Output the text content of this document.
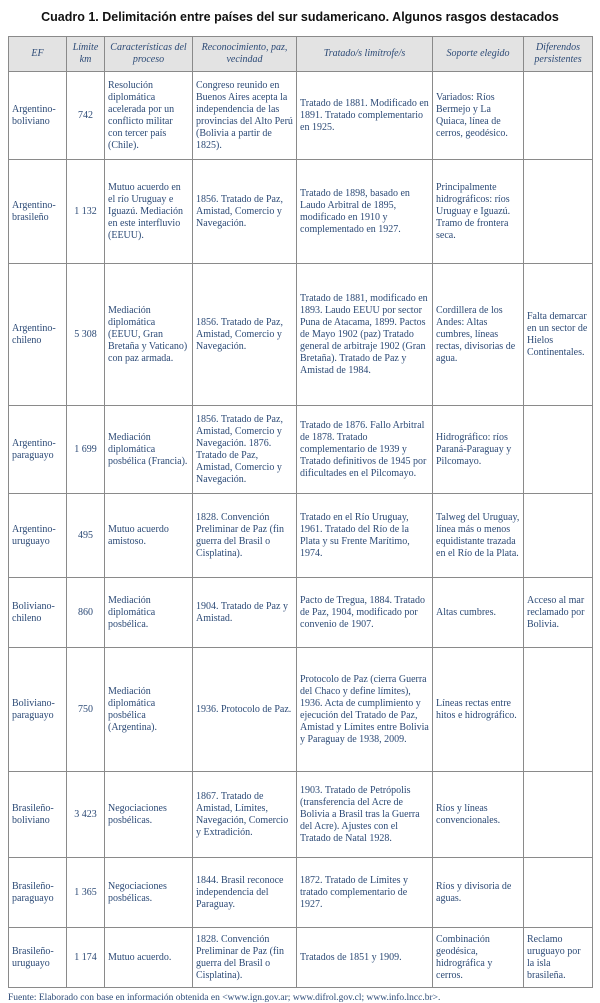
Cuadro 1. Delimitación entre países del sur sudamericano. Algunos rasgos destacados
EF	Límite km	Características del proceso	Reconocimiento, paz, vecindad	Tratado/s limítrofe/s	Soporte elegido	Diferendos persistentes
Argentino-boliviano	742	Resolución diplomática acelerada por un conflicto militar con tercer país (Chile).	Congreso reunido en Buenos Aires acepta la independencia de las provincias del Alto Perú (Bolivia a partir de 1825).	Tratado de 1881. Modificado en 1891. Tratado complementario en 1925.	Variados: Ríos Bermejo y La Quiaca, línea de cerros, geodésico.	
Argentino-brasileño	1 132	Mutuo acuerdo en el río Uruguay e Iguazú. Mediación en este interfluvio (EEUU).	1856. Tratado de Paz, Amistad, Comercio y Navegación.	Tratado de 1898, basado en Laudo Arbitral de 1895, modificado en 1910 y complementado en 1927.	Principalmente hidrográficos: ríos Uruguay e Iguazú. Tramo de frontera seca.	
Argentino-chileno	5 308	Mediación diplomática (EEUU, Gran Bretaña y Vaticano) con paz armada.	1856. Tratado de Paz, Amistad, Comercio y Navegación.	Tratado de 1881, modificado en 1893. Laudo EEUU por sector Puna de Atacama, 1899. Pactos de Mayo 1902 (paz) Tratado general de arbitraje 1902 (Gran Bretaña). Tratado de Paz y Amistad de 1984.	Cordillera de los Andes: Altas cumbres, líneas rectas, divisorias de agua.	Falta demarcar en un sector de Hielos Continentales.
Argentino-paraguayo	1 699	Mediación diplomática posbélica (Francia).	1856. Tratado de Paz, Amistad, Comercio y Navegación. 1876. Tratado de Paz, Amistad, Comercio y Navegación.	Tratado de 1876. Fallo Arbitral de 1878. Tratado complementario de 1939 y Tratado definitivos de 1945 por dificultades en el Pilcomayo.	Hidrográfico: ríos Paraná-Paraguay y Pilcomayo.	
Argentino-uruguayo	495	Mutuo acuerdo amistoso.	1828. Convención Preliminar de Paz (fin guerra del Brasil o Cisplatina).	Tratado en el Río Uruguay, 1961. Tratado del Río de la Plata y su Frente Marítimo, 1974.	Talweg del Uruguay, línea más o menos equidistante trazada en el Río de la Plata.	
Boliviano-chileno	860	Mediación diplomática posbélica.	1904. Tratado de Paz y Amistad.	Pacto de Tregua, 1884. Tratado de Paz, 1904, modificado por convenio de 1907.	Altas cumbres.	Acceso al mar reclamado por Bolivia.
Boliviano-paraguayo	750	Mediación diplomática posbélica (Argentina).	1936. Protocolo de Paz.	Protocolo de Paz (cierra Guerra del Chaco y define límites), 1936. Acta de cumplimiento y ejecución del Tratado de Paz, Amistad y Límites entre Bolivia y Paraguay de 1938, 2009.	Líneas rectas entre hitos e hidrográfico.	
Brasileño-boliviano	3 423	Negociaciones posbélicas.	1867. Tratado de Amistad, Límites, Navegación, Comercio y Extradición.	1903. Tratado de Petrópolis (transferencia del Acre de Bolivia a Brasil tras la Guerra del Acre). Ajustes con el Tratado de Natal 1928.	Ríos y líneas convencionales.	
Brasileño-paraguayo	1 365	Negociaciones posbélicas.	1844. Brasil reconoce independencia del Paraguay.	1872. Tratado de Límites y tratado complementario de 1927.	Ríos y divisoria de aguas.	
Brasileño-uruguayo	1 174	Mutuo acuerdo.	1828. Convención Preliminar de Paz (fin guerra del Brasil o Cisplatina).	Tratados de 1851 y 1909.	Combinación geodésica, hidrográfica y cerros.	Reclamo uruguayo por la isla brasileña.

Fuente: Elaborado con base en información obtenida en <www.ign.gov.ar; www.difrol.gov.cl; www.info.lncc.br>.
